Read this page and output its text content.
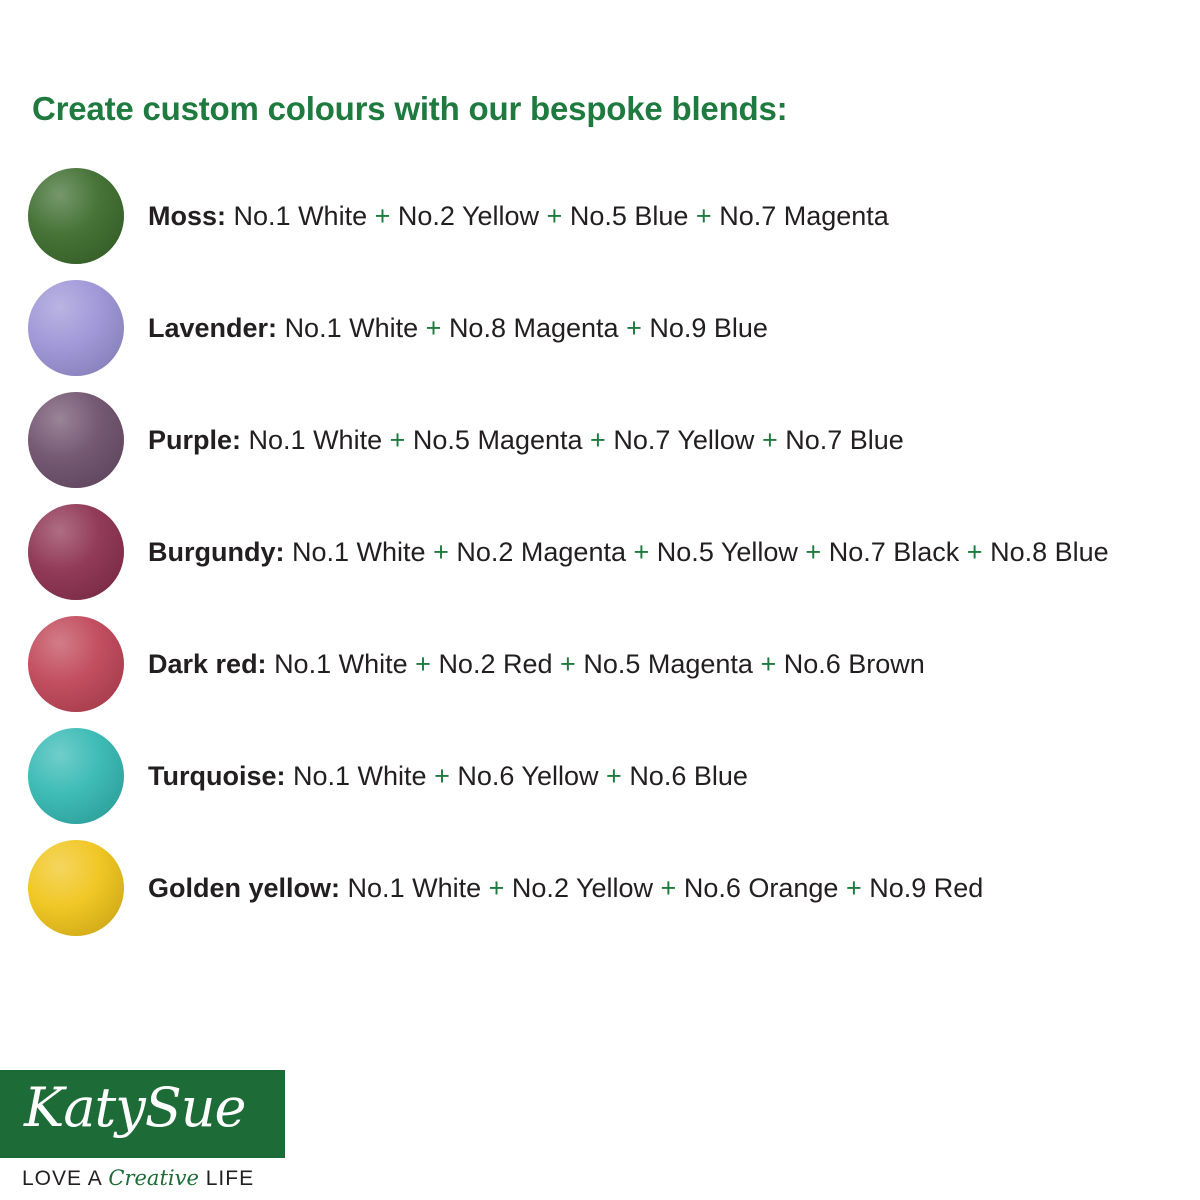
Create custom colours with our bespoke blends:
Moss: No.1 White + No.2 Yellow + No.5 Blue + No.7 Magenta
Lavender: No.1 White + No.8 Magenta + No.9 Blue
Purple: No.1 White + No.5 Magenta + No.7 Yellow + No.7 Blue
Burgundy: No.1 White + No.2 Magenta + No.5 Yellow + No.7 Black + No.8 Blue
Dark red: No.1 White + No.2 Red + No.5 Magenta + No.6 Brown
Turquoise: No.1 White + No.6 Yellow + No.6 Blue
Golden yellow: No.1 White + No.2 Yellow + No.6 Orange + No.9 Red
KatySue
LOVE A Creative LIFE
